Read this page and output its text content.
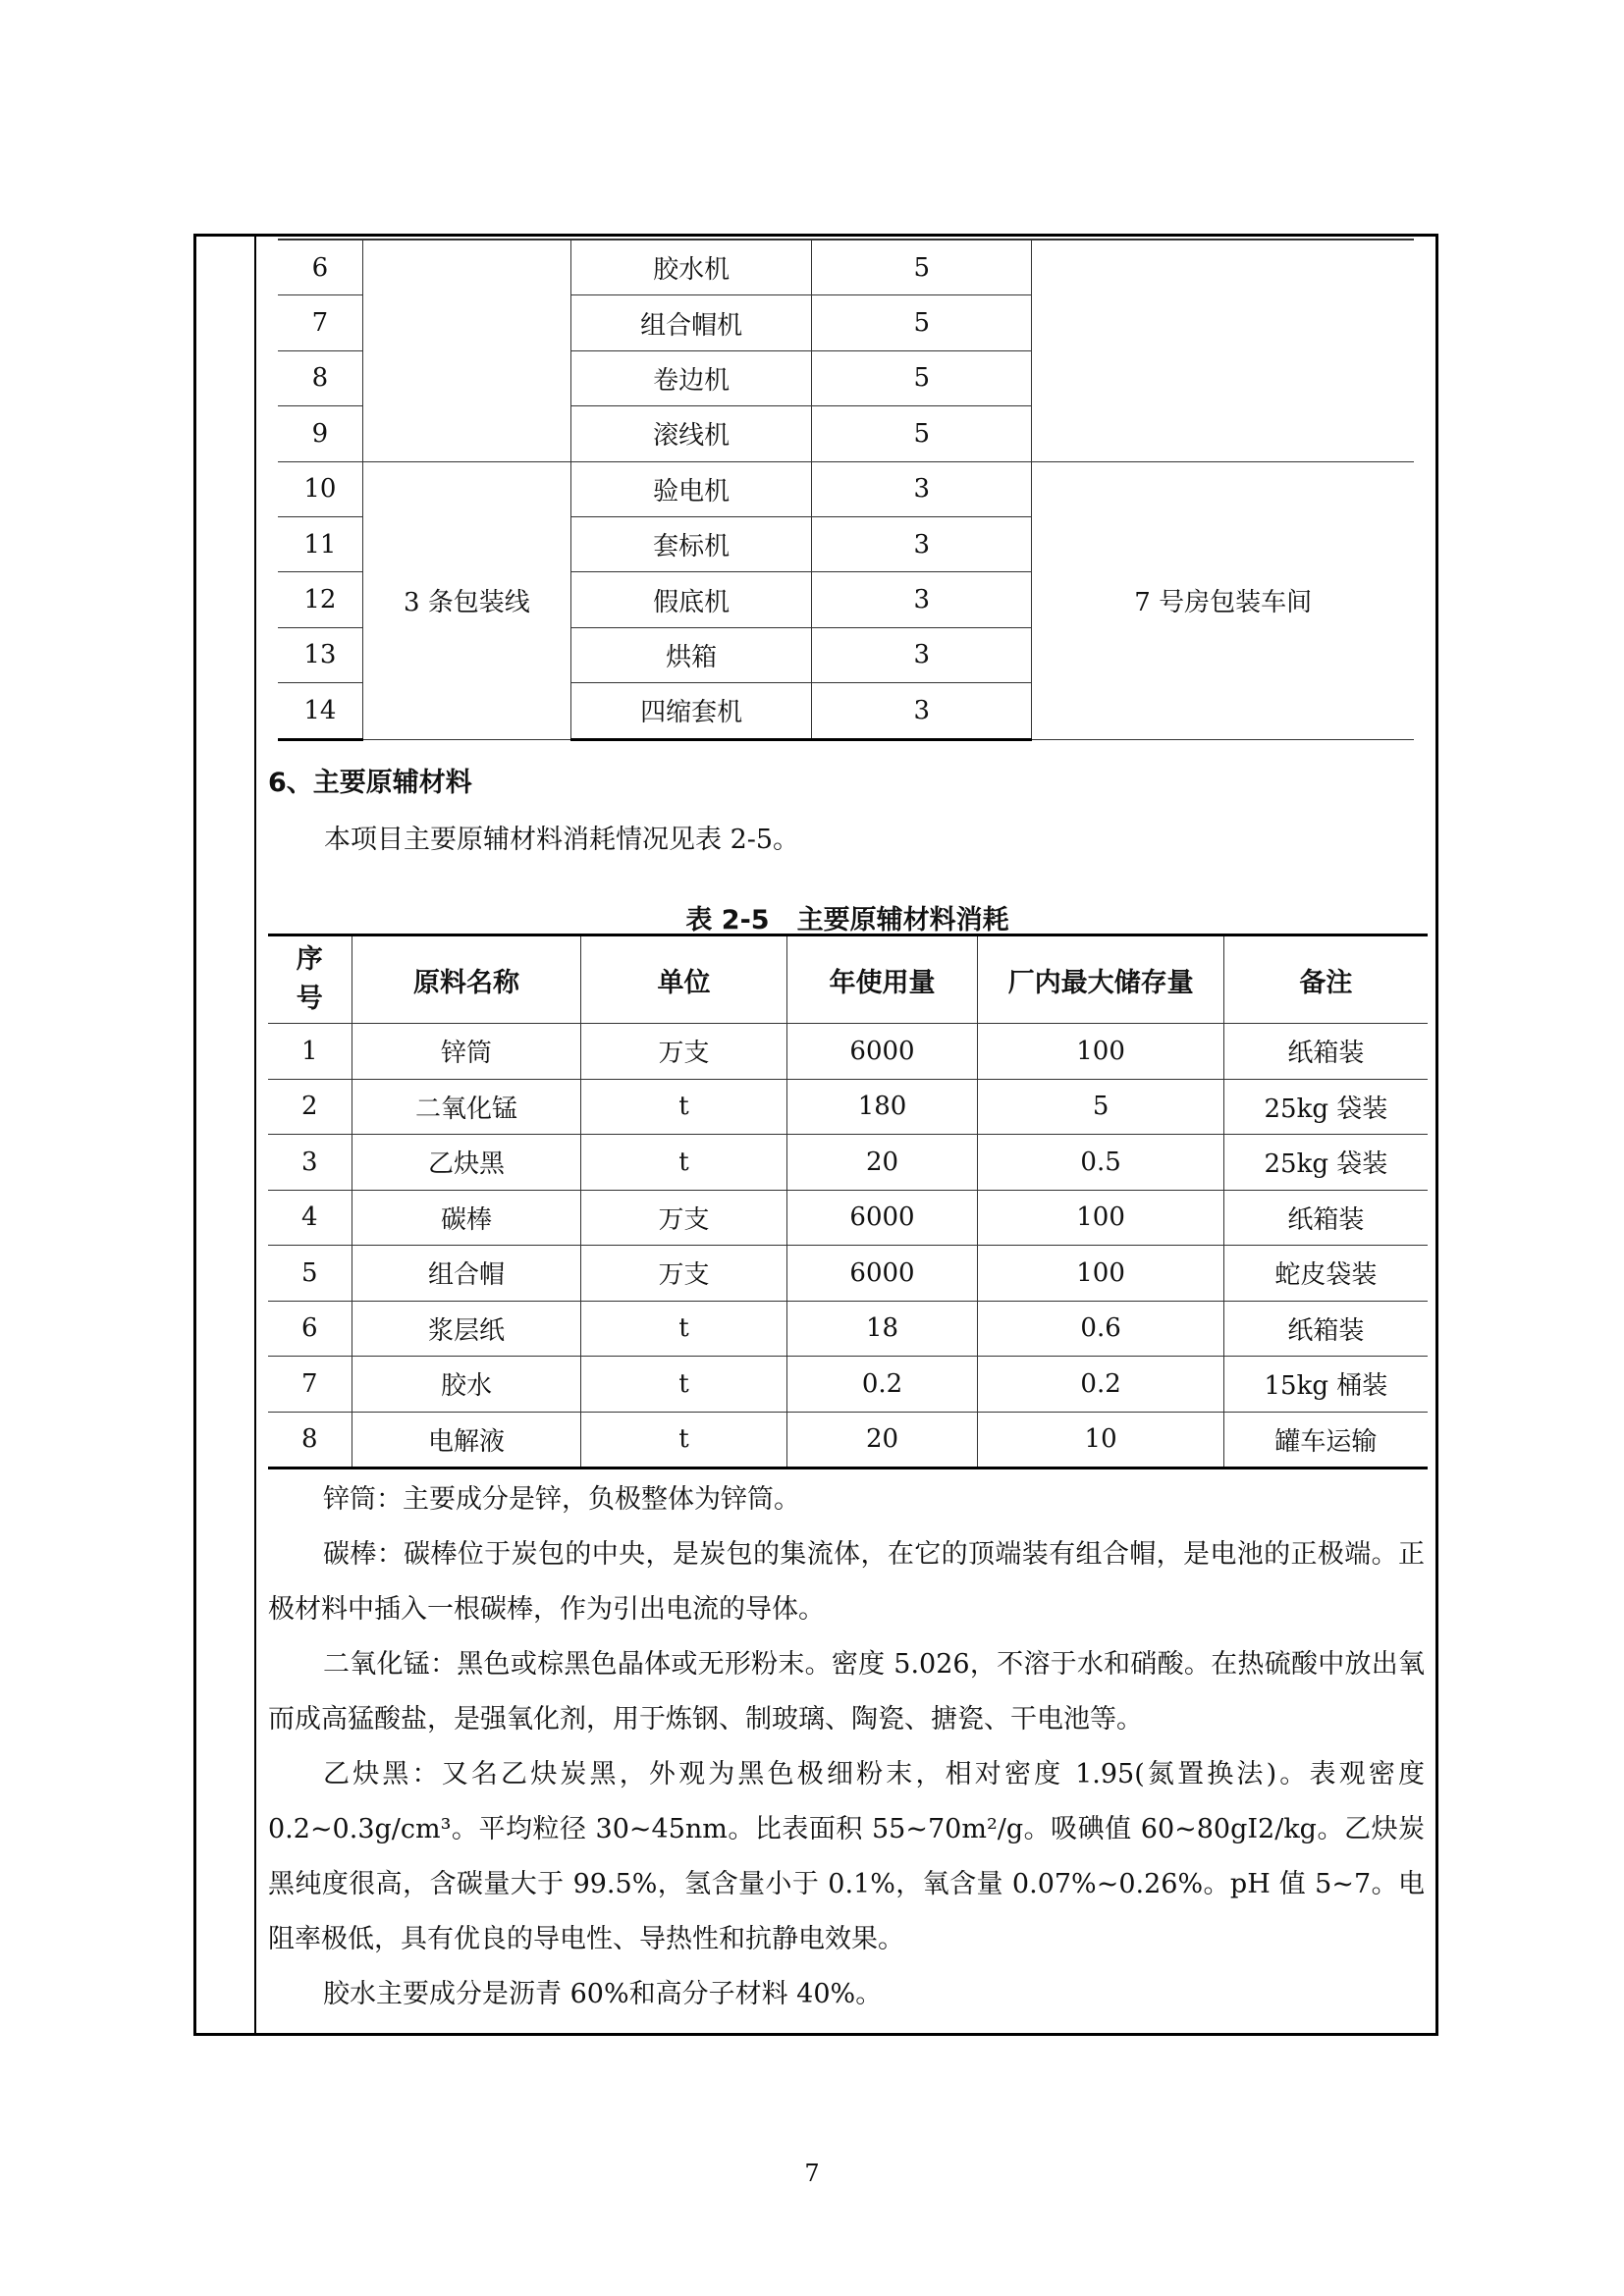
6		胶水机	5	
7		组合帽机	5	
8		卷边机	5	
9		滚线机	5	
10	3 条包装线	验电机	3	7 号房包装车间
11		套标机	3	
12		假底机	3	
13		烘箱	3	
14		四缩套机	3	
6、主要原辅材料
本项目主要原辅材料消耗情况见表 2-5。
表 2-5 主要原辅材料消耗
序
号	原料名称	单位	年使用量	厂内最大储存量	备注
1	锌筒	万支	6000	100	纸箱装
2	二氧化锰	t	180	5	25kg 袋装
3	乙炔黑	t	20	0.5	25kg 袋装
4	碳棒	万支	6000	100	纸箱装
5	组合帽	万支	6000	100	蛇皮袋装
6	浆层纸	t	18	0.6	纸箱装
7	胶水	t	0.2	0.2	15kg 桶装
8	电解液	t	20	10	罐车运输

锌筒：主要成分是锌，负极整体为锌筒。

碳棒：碳棒位于炭包的中央，是炭包的集流体，在它的顶端装有组合帽，是电池的正极端。正极材料中插入一根碳棒，作为引出电流的导体。

二氧化锰：黑色或棕黑色晶体或无形粉末。密度 5.026，不溶于水和硝酸。在热硫酸中放出氧而成高猛酸盐，是强氧化剂，用于炼钢、制玻璃、陶瓷、搪瓷、干电池等。

乙炔黑：又名乙炔炭黑，外观为黑色极细粉末，相对密度 1.95(氮置换法)。表观密度 0.2~0.3g/cm³。平均粒径 30~45nm。比表面积 55~70m²/g。吸碘值 60~80gI2/kg。乙炔炭黑纯度很高，含碳量大于 99.5%，氢含量小于 0.1%，氧含量 0.07%~0.26%。pH 值 5~7。电阻率极低，具有优良的导电性、导热性和抗静电效果。

胶水主要成分是沥青 60%和高分子材料 40%。

7
